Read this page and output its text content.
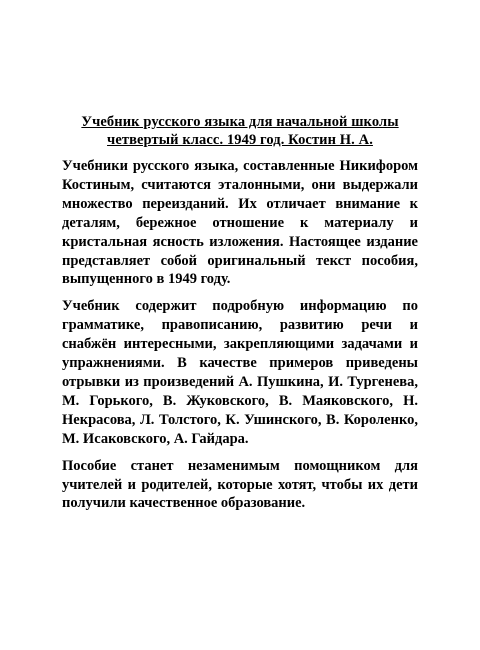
Учебник русского языка для начальной школы
четвертый класс. 1949 год. Костин Н. А.

Учебники русского языка, составленные Никифором Костиным, считаются эталонными, они выдержали множество переизданий. Их отличает внимание к деталям, бережное отношение к материалу и кристальная ясность изложения. Настоящее издание представляет собой оригинальный текст пособия, выпущенного в 1949 году.

Учебник содержит подробную информацию по грамматике, правописанию, развитию речи и снабжён интересными, закрепляющими задачами и упражнениями. В качестве примеров приведены отрывки из произведений А. Пушкина, И. Тургенева, М. Горького, В. Жуковского, В. Маяковского, Н. Некрасова, Л. Толстого, К. Ушинского, В. Короленко, М. Исаковского, А. Гайдара.

Пособие станет незаменимым помощником для учителей и родителей, которые хотят, чтобы их дети получили качественное образование.
